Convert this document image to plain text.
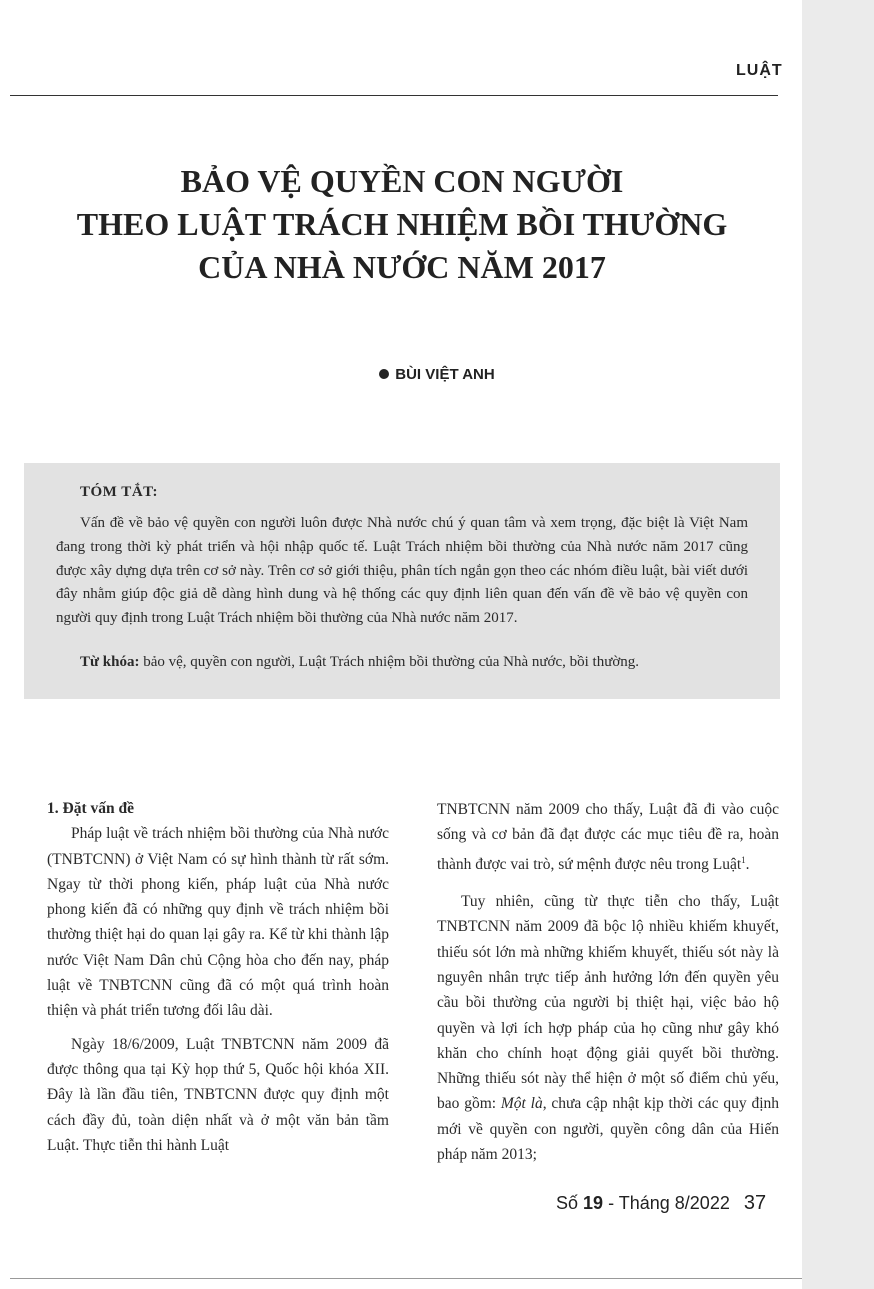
LUẬT
BẢO VỆ QUYỀN CON NGƯỜI
THEO LUẬT TRÁCH NHIỆM BỒI THƯỜNG
CỦA NHÀ NƯỚC NĂM 2017
BÙI VIỆT ANH
TÓM TẮT:
Vấn đề về bảo vệ quyền con người luôn được Nhà nước chú ý quan tâm và xem trọng, đặc biệt là Việt Nam đang trong thời kỳ phát triển và hội nhập quốc tế. Luật Trách nhiệm bồi thường của Nhà nước năm 2017 cũng được xây dựng dựa trên cơ sở này. Trên cơ sở giới thiệu, phân tích ngắn gọn theo các nhóm điều luật, bài viết dưới đây nhằm giúp độc giả dễ dàng hình dung và hệ thống các quy định liên quan đến vấn đề về bảo vệ quyền con người quy định trong Luật Trách nhiệm bồi thường của Nhà nước năm 2017.
Từ khóa: bảo vệ, quyền con người, Luật Trách nhiệm bồi thường của Nhà nước, bồi thường.
1. Đặt vấn đề

Pháp luật về trách nhiệm bồi thường của Nhà nước (TNBTCNN) ở Việt Nam có sự hình thành từ rất sớm. Ngay từ thời phong kiến, pháp luật của Nhà nước phong kiến đã có những quy định về trách nhiệm bồi thường thiệt hại do quan lại gây ra. Kể từ khi thành lập nước Việt Nam Dân chủ Cộng hòa cho đến nay, pháp luật về TNBTCNN cũng đã có một quá trình hoàn thiện và phát triển tương đối lâu dài.

Ngày 18/6/2009, Luật TNBTCNN năm 2009 đã được thông qua tại Kỳ họp thứ 5, Quốc hội khóa XII. Đây là lần đầu tiên, TNBTCNN được quy định một cách đầy đủ, toàn diện nhất và ở một văn bản tầm Luật. Thực tiễn thi hành Luật

TNBTCNN năm 2009 cho thấy, Luật đã đi vào cuộc sống và cơ bản đã đạt được các mục tiêu đề ra, hoàn thành được vai trò, sứ mệnh được nêu trong Luật$^1$.

Tuy nhiên, cũng từ thực tiễn cho thấy, Luật TNBTCNN năm 2009 đã bộc lộ nhiều khiếm khuyết, thiếu sót lớn mà những khiếm khuyết, thiếu sót này là nguyên nhân trực tiếp ảnh hưởng lớn đến quyền yêu cầu bồi thường của người bị thiệt hại, việc bảo hộ quyền và lợi ích hợp pháp của họ cũng như gây khó khăn cho chính hoạt động giải quyết bồi thường. Những thiếu sót này thể hiện ở một số điểm chủ yếu, bao gồm: Một là, chưa cập nhật kịp thời các quy định mới về quyền con người, quyền công dân của Hiến pháp năm 2013;

Số 19 - Tháng 8/2022 37
